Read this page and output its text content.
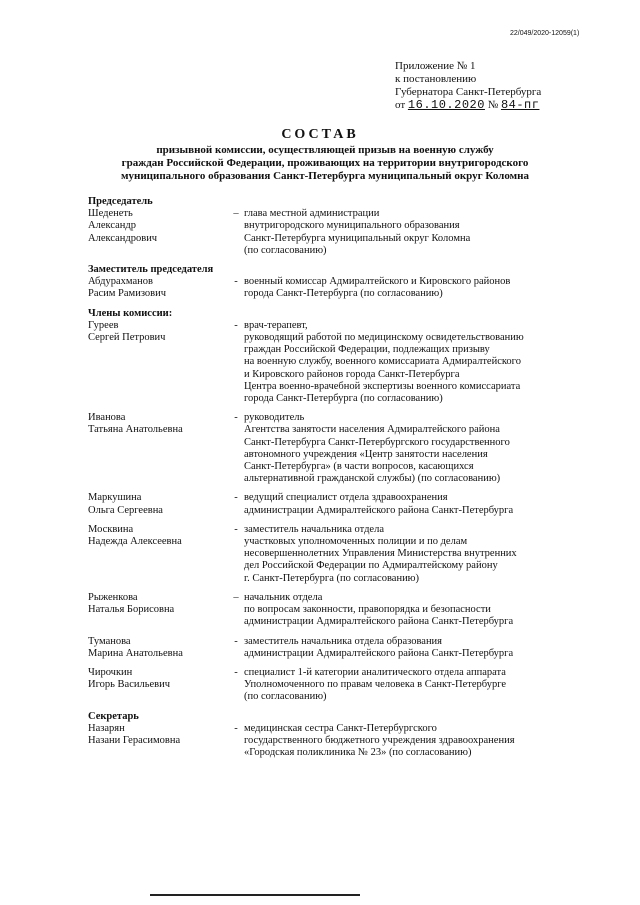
22/049/2020-12059(1)
Приложение № 1
к постановлению
Губернатора Санкт-Петербурга
от 16.10.2020 № 84-пг
СОСТАВ
призывной комиссии, осуществляющей призыв на военную службу
граждан Российской Федерации, проживающих на территории внутригородского
муниципального образования Санкт-Петербурга муниципальный округ Коломна
Председатель
Шеденеть
Александр
Александрович
– глава местной администрации
внутригородского муниципального образования
Санкт-Петербурга муниципальный округ Коломна
(по согласованию)
Заместитель председателя
Абдурахманов
Расим Рамизович
- военный комиссар Адмиралтейского и Кировского районов
города Санкт-Петербурга (по согласованию)
Члены комиссии:
Гуреев
Сергей Петрович
- врач-терапевт,
руководящий работой по медицинскому освидетельствованию
граждан Российской Федерации, подлежащих призыву
на военную службу, военного комиссариата Адмиралтейского
и Кировского районов города Санкт-Петербурга
Центра военно-врачебной экспертизы военного комиссариата
города Санкт-Петербурга (по согласованию)
Иванова
Татьяна Анатольевна
- руководитель
Агентства занятости населения Адмиралтейского района
Санкт-Петербурга Санкт-Петербургского государственного
автономного учреждения «Центр занятости населения
Санкт-Петербурга» (в части вопросов, касающихся
альтернативной гражданской службы) (по согласованию)
Маркушина
Ольга Сергеевна
- ведущий специалист отдела здравоохранения
администрации Адмиралтейского района Санкт-Петербурга
Москвина
Надежда Алексеевна
- заместитель начальника отдела
участковых уполномоченных полиции и по делам
несовершеннолетних Управления Министерства внутренних
дел Российской Федерации по Адмиралтейскому району
г. Санкт-Петербурга (по согласованию)
Рыженкова
Наталья Борисовна
– начальник отдела
по вопросам законности, правопорядка и безопасности
администрации Адмиралтейского района Санкт-Петербурга
Туманова
Марина Анатольевна
- заместитель начальника отдела образования
администрации Адмиралтейского района Санкт-Петербурга
Чирочкин
Игорь Васильевич
- специалист 1-й категории аналитического отдела аппарата
Уполномоченного по правам человека в Санкт-Петербурге
(по согласованию)
Секретарь
Назарян
Назани Герасимовна
- медицинская сестра Санкт-Петербургского
государственного бюджетного учреждения здравоохранения
«Городская поликлиника № 23» (по согласованию)
